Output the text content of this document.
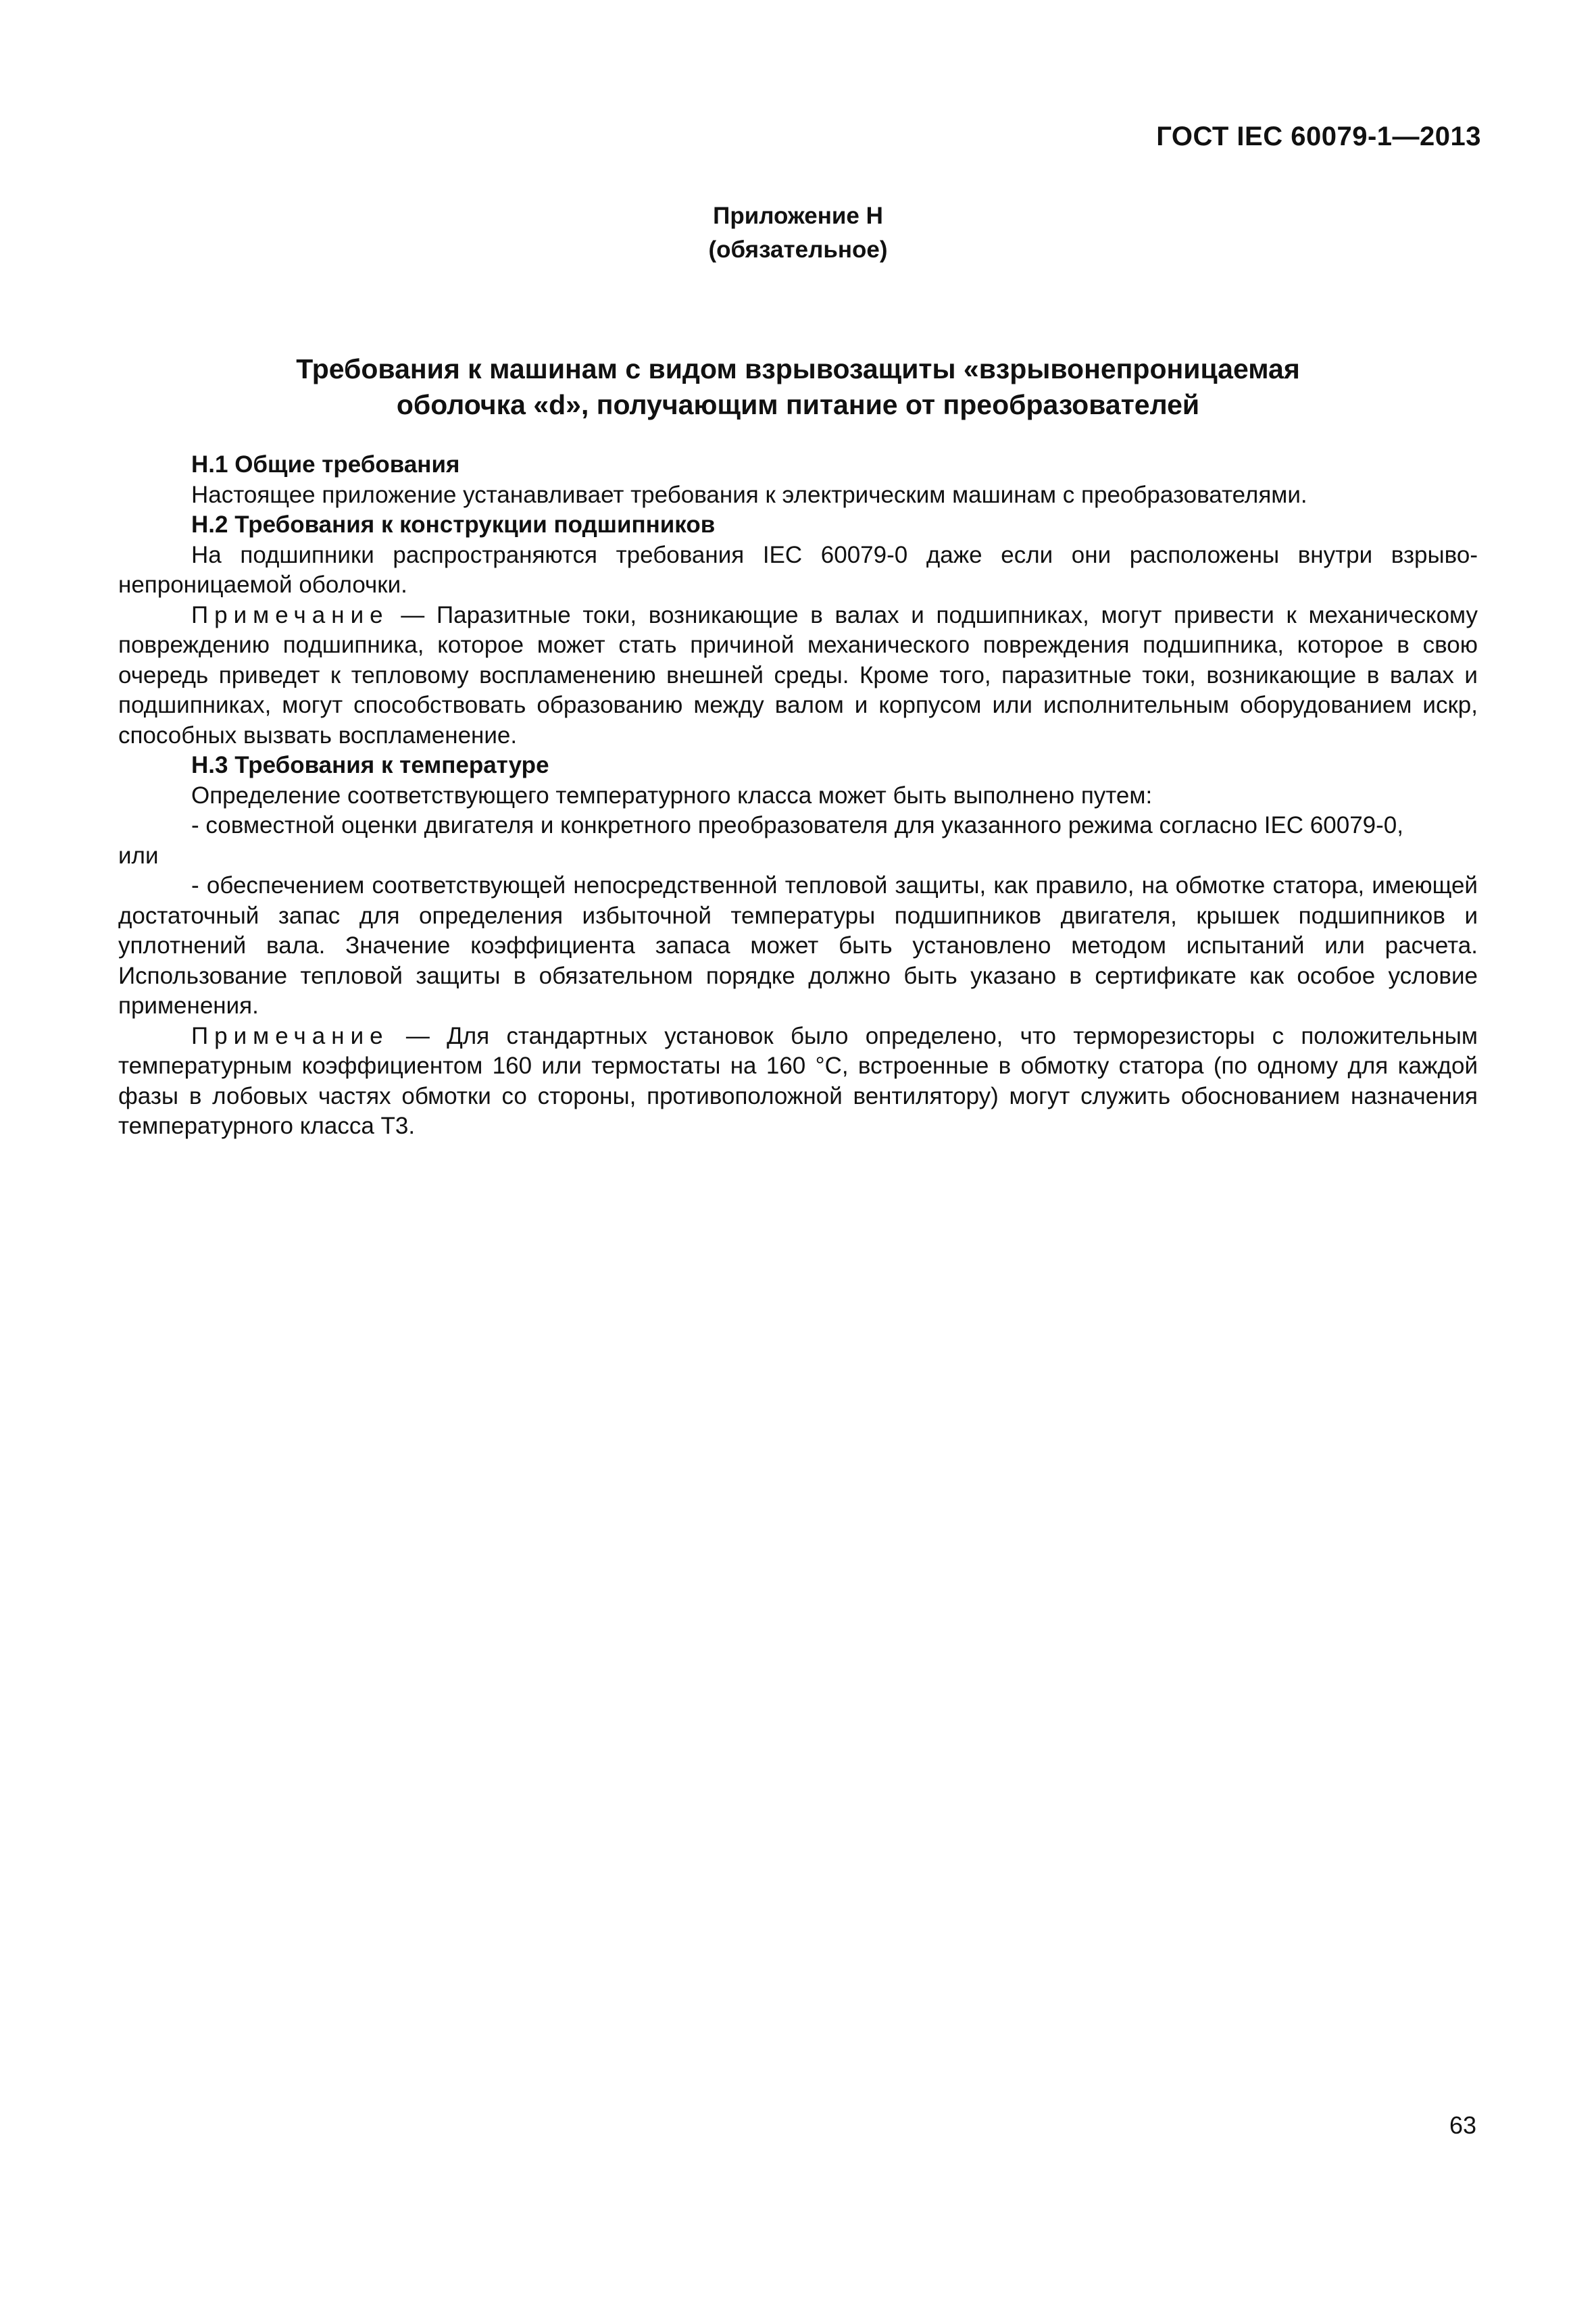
ГОСТ IEC 60079-1—2013
Приложение Н
(обязательное)
Требования к машинам с видом взрывозащиты «взрывонепроницаемая
оболочка «d», получающим питание от преобразователей
Н.1 Общие требования

Настоящее приложение устанавливает требования к электрическим машинам с преобразователями.

Н.2 Требования к конструкции подшипников

На подшипники распространяются требования IEC 60079-0 даже если они расположены внутри взрывонепроницаемой оболочки.

Примечание — Паразитные токи, возникающие в валах и подшипниках, могут привести к механическому повреждению подшипника, которое может стать причиной механического повреждения подшипника, которое в свою очередь приведет к тепловому воспламенению внешней среды. Кроме того, паразитные токи, возникающие в валах и подшипниках, могут способствовать образованию между валом и корпусом или исполнительным оборудованием искр, способных вызвать воспламенение.

Н.3 Требования к температуре

Определение соответствующего температурного класса может быть выполнено путем:

- совместной оценки двигателя и конкретного преобразователя для указанного режима согласно IEC 60079-0,

или

- обеспечением соответствующей непосредственной тепловой защиты, как правило, на обмотке статора, имеющей достаточный запас для определения избыточной температуры подшипников двигателя, крышек подшипников и уплотнений вала. Значение коэффициента запаса может быть установлено методом испытаний или расчета. Использование тепловой защиты в обязательном порядке должно быть указано в сертификате как особое условие применения.

Примечание — Для стандартных установок было определено, что терморезисторы с положительным температурным коэффициентом 160 или термостаты на 160 °С, встроенные в обмотку статора (по одному для каждой фазы в лобовых частях обмотки со стороны, противоположной вентилятору) могут служить обоснованием назначения температурного класса Т3.

63
